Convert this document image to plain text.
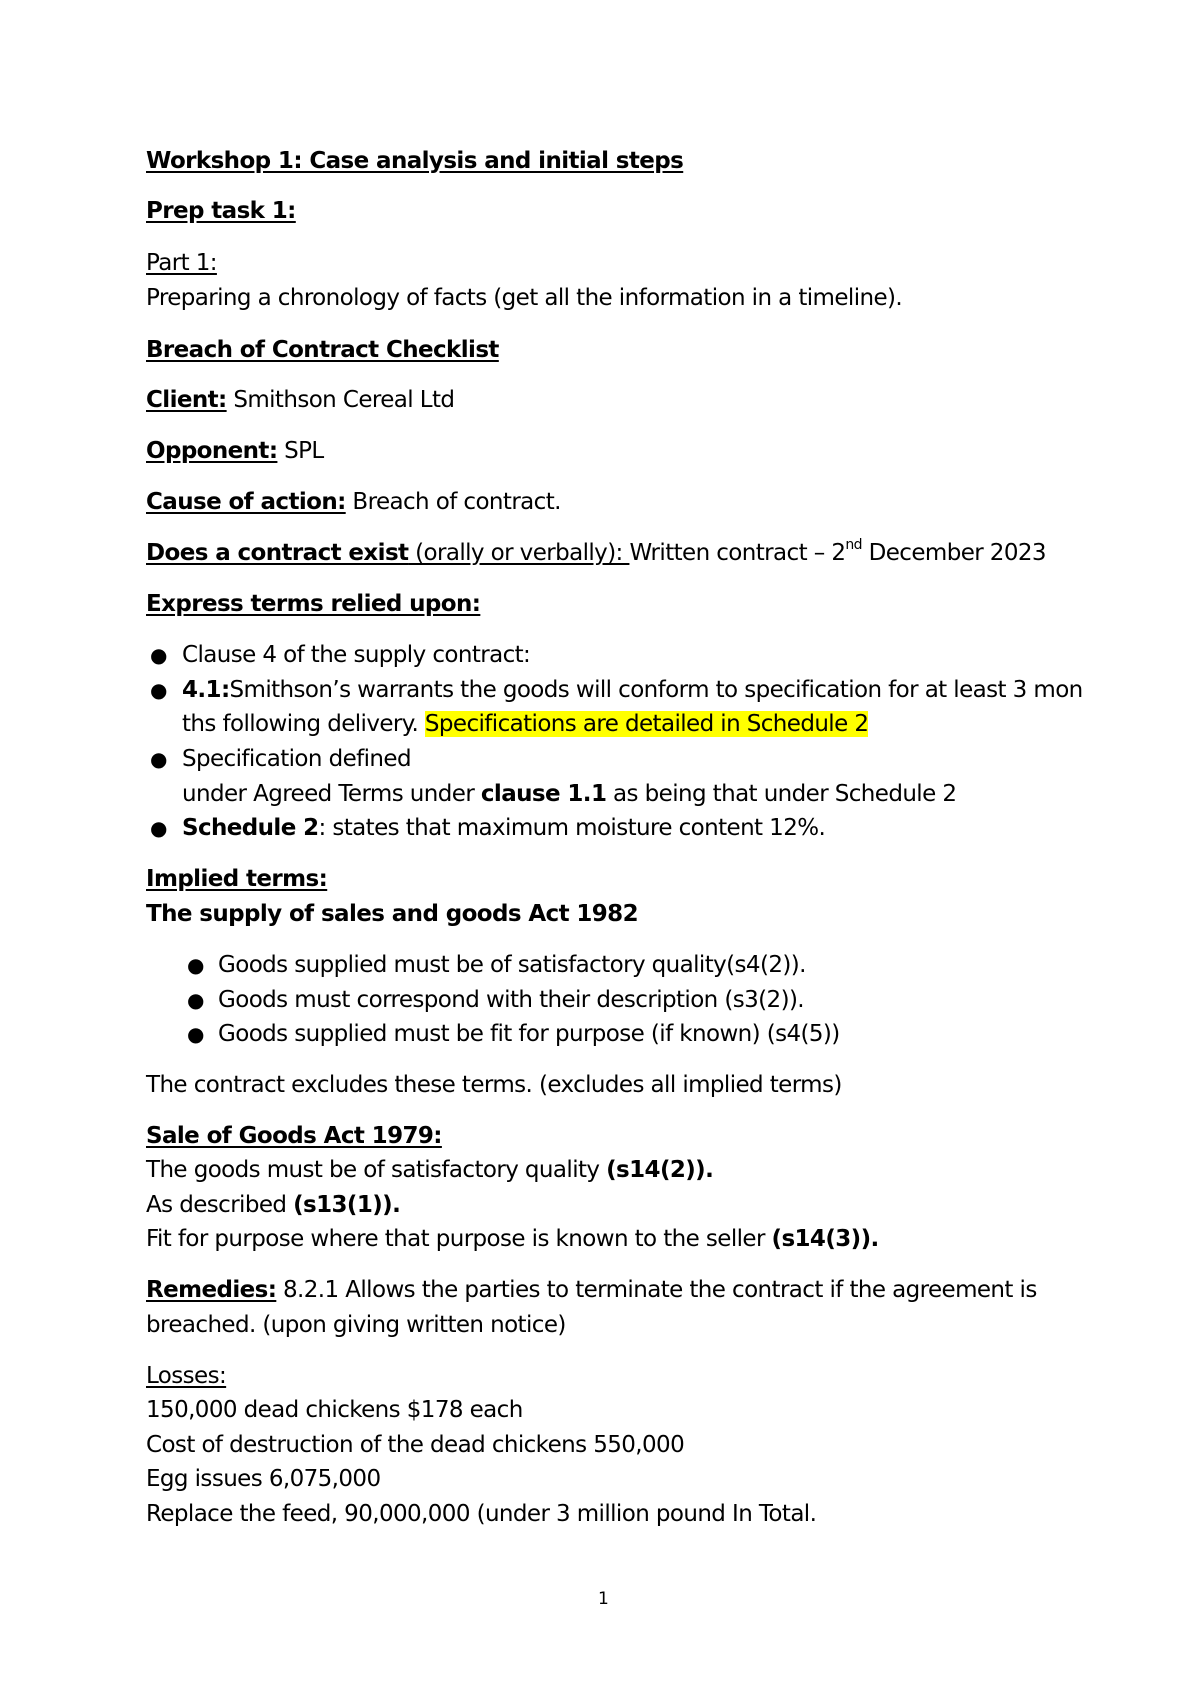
Workshop 1: Case analysis and initial steps

Prep task 1:

Part 1:

Preparing a chronology of facts (get all the information in a timeline).

Breach of Contract Checklist

Client: Smithson Cereal Ltd

Opponent: SPL

Cause of action: Breach of contract.

Does a contract exist (orally or verbally): Written contract – 2nd December 2023

Express terms relied upon:

● Clause 4 of the supply contract:

● 4.1:Smithson’s warrants the goods will conform to specification for at least 3 mon

ths following delivery. Specifications are detailed in Schedule 2

● Specification defined

under Agreed Terms under clause 1.1 as being that under Schedule 2

● Schedule 2: states that maximum moisture content 12%.

Implied terms:

The supply of sales and goods Act 1982

● Goods supplied must be of satisfactory quality(s4(2)).

● Goods must correspond with their description (s3(2)).

● Goods supplied must be fit for purpose (if known) (s4(5))

The contract excludes these terms. (excludes all implied terms)

Sale of Goods Act 1979:

The goods must be of satisfactory quality (s14(2)).

As described (s13(1)).

Fit for purpose where that purpose is known to the seller (s14(3)).

Remedies: 8.2.1 Allows the parties to terminate the contract if the agreement is

breached. (upon giving written notice)

Losses:

150,000 dead chickens $178 each

Cost of destruction of the dead chickens 550,000

Egg issues 6,075,000

Replace the feed, 90,000,000 (under 3 million pound In Total.

1
